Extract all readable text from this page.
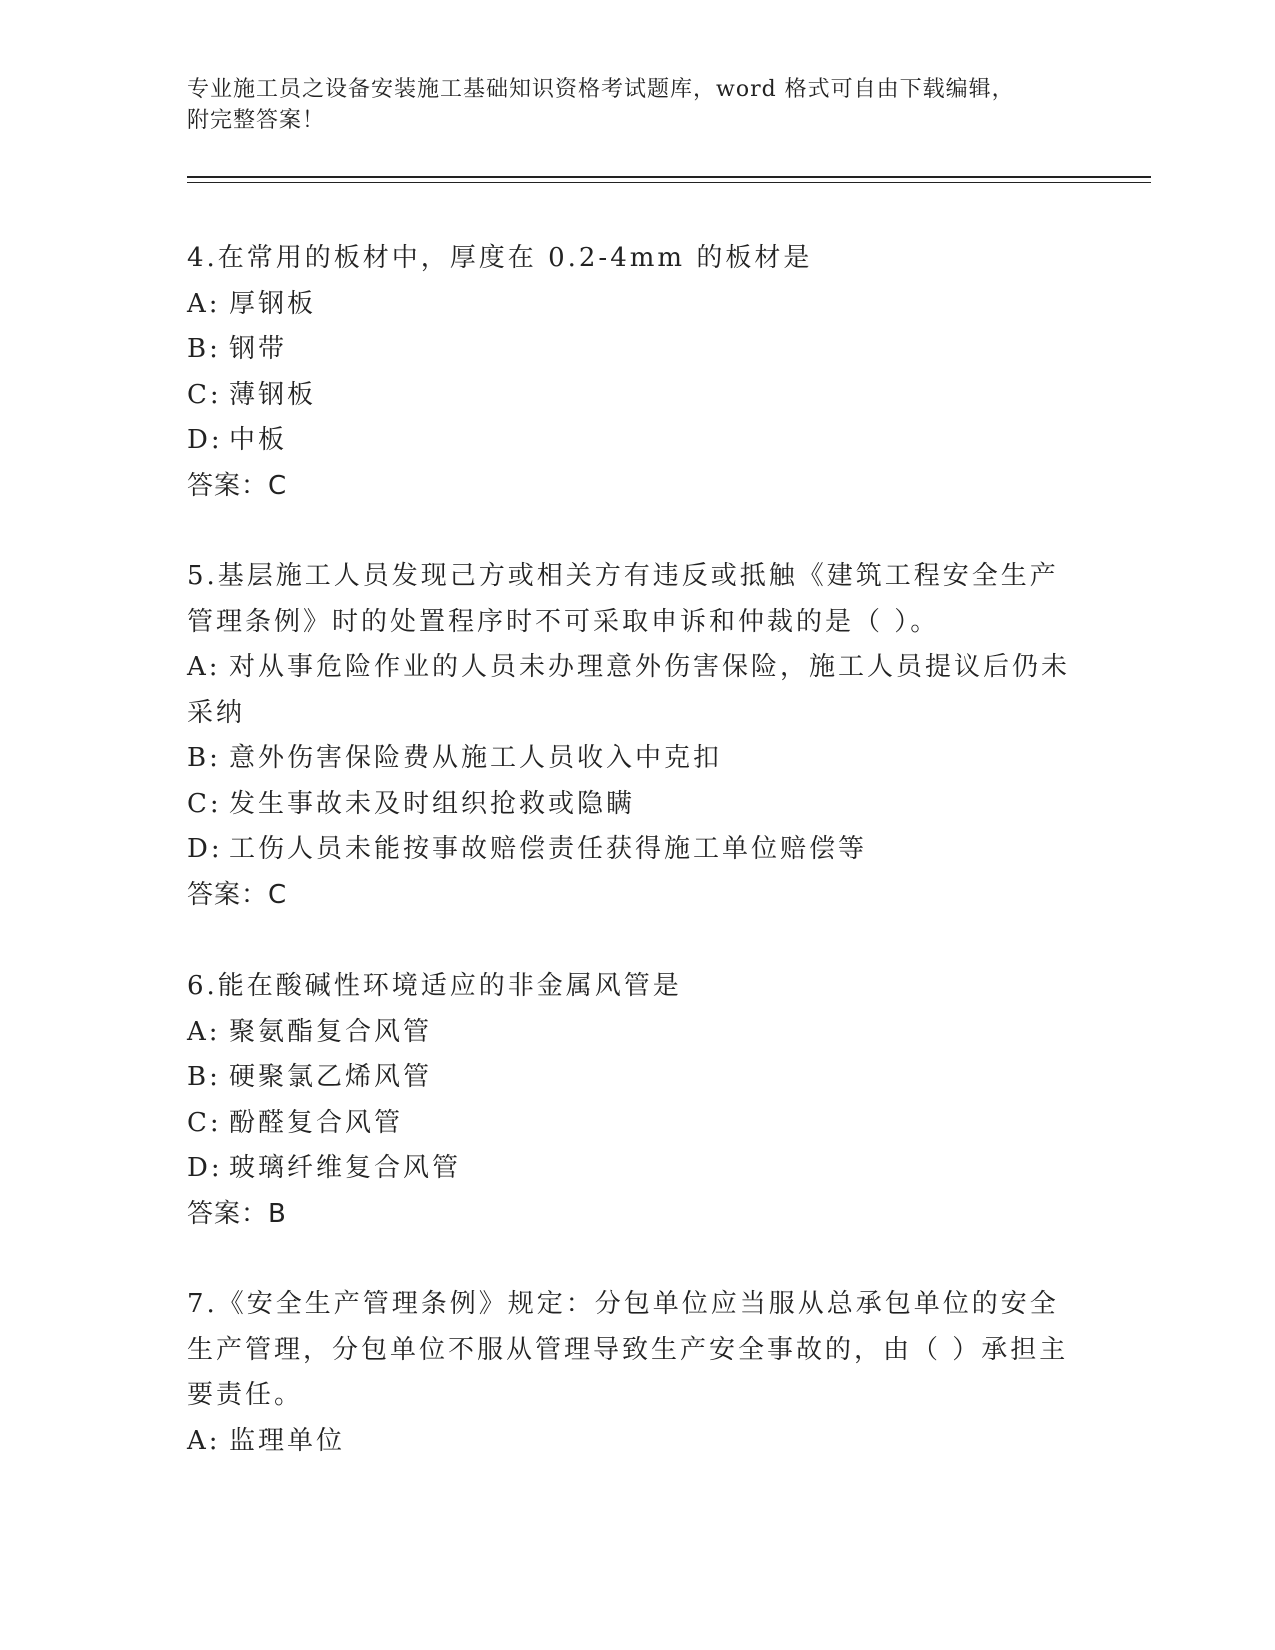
专业施工员之设备安装施工基础知识资格考试题库，word 格式可自由下载编辑，
附完整答案！

4.在常用的板材中，厚度在 0.2-4mm 的板材是

A: 厚钢板

B: 钢带

C: 薄钢板

D: 中板

答案：C

5.基层施工人员发现己方或相关方有违反或抵触《建筑工程安全生产

管理条例》时的处置程序时不可采取申诉和仲裁的是（ ）。

A: 对从事危险作业的人员未办理意外伤害保险，施工人员提议后仍未

采纳

B: 意外伤害保险费从施工人员收入中克扣

C: 发生事故未及时组织抢救或隐瞒

D: 工伤人员未能按事故赔偿责任获得施工单位赔偿等

答案：C

6.能在酸碱性环境适应的非金属风管是

A: 聚氨酯复合风管

B: 硬聚氯乙烯风管

C: 酚醛复合风管

D: 玻璃纤维复合风管

答案：B

7.《安全生产管理条例》规定：分包单位应当服从总承包单位的安全

生产管理，分包单位不服从管理导致生产安全事故的，由（ ）承担主

要责任。

A: 监理单位
